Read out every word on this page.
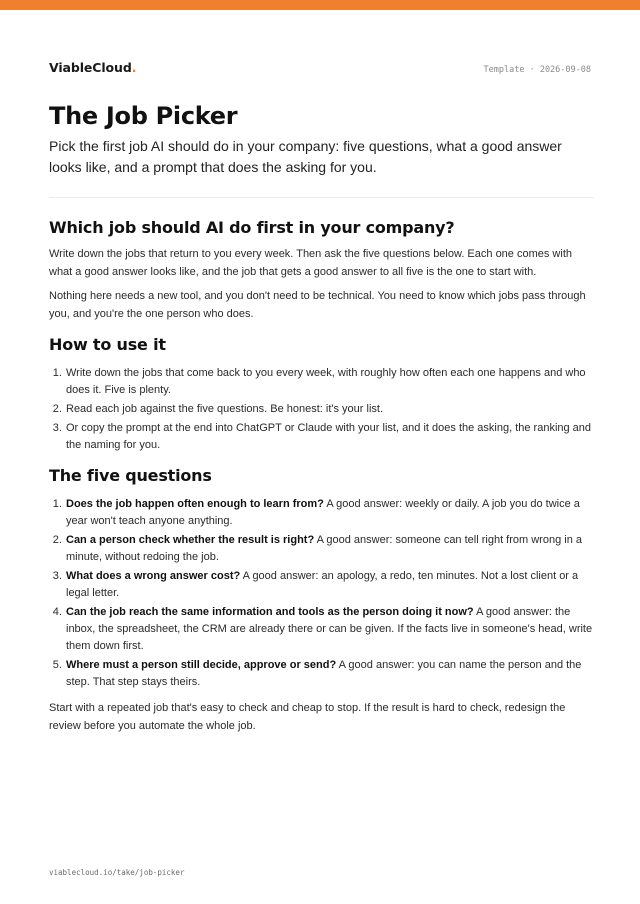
ViableCloud.	Template · 2026-09-08
The Job Picker

Pick the first job AI should do in your company: five questions, what a good answer looks like, and a prompt that does the asking for you.

Which job should AI do first in your company?

Write down the jobs that return to you every week. Then ask the five questions below. Each one comes with what a good answer looks like, and the job that gets a good answer to all five is the one to start with.

Nothing here needs a new tool, and you don't need to be technical. You need to know which jobs pass through you, and you're the one person who does.

How to use it
1. Write down the jobs that come back to you every week, with roughly how often each one happens and who does it. Five is plenty.
2. Read each job against the five questions. Be honest: it's your list.
3. Or copy the prompt at the end into ChatGPT or Claude with your list, and it does the asking, the ranking and the naming for you.
The five questions
1. Does the job happen often enough to learn from? A good answer: weekly or daily. A job you do twice a year won't teach anyone anything.
2. Can a person check whether the result is right? A good answer: someone can tell right from wrong in a minute, without redoing the job.
3. What does a wrong answer cost? A good answer: an apology, a redo, ten minutes. Not a lost client or a legal letter.
4. Can the job reach the same information and tools as the person doing it now? A good answer: the inbox, the spreadsheet, the CRM are already there or can be given. If the facts live in someone's head, write them down first.
5. Where must a person still decide, approve or send? A good answer: you can name the person and the step. That step stays theirs.

Start with a repeated job that's easy to check and cheap to stop. If the result is hard to check, redesign the review before you automate the whole job.

viablecloud.io/take/job-picker
